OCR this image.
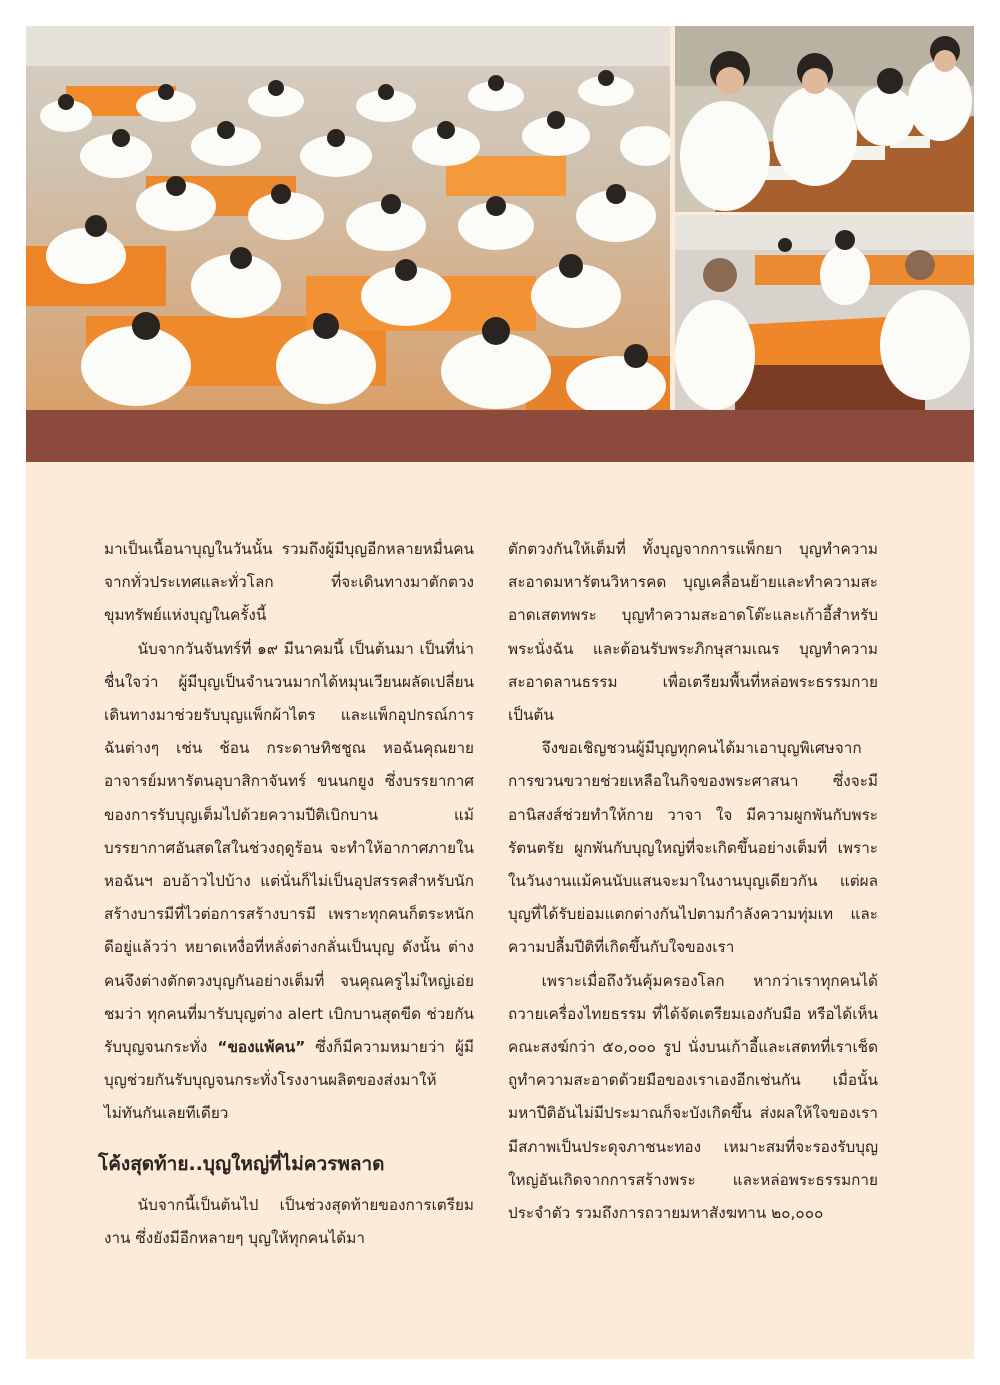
มาเป็นเนื้อนาบุญในวันนั้น รวมถึงผู้มีบุญอีกหลายหมื่นคนจากทั่วประเทศและทั่วโลก ที่จะเดินทางมาตักตวงขุมทรัพย์แห่งบุญในครั้งนี้

นับจากวันจันทร์ที่ ๑๙ มีนาคมนี้ เป็นต้นมา เป็นที่น่าชื่นใจว่า ผู้มีบุญเป็นจำนวนมากได้หมุนเวียนผลัดเปลี่ยนเดินทางมาช่วยรับบุญแพ็กผ้าไตร และแพ็กอุปกรณ์การฉันต่างๆ เช่น ช้อน กระดาษทิชชูณ หอฉันคุณยายอาจารย์มหารัตนอุบาสิกาจันทร์ ขนนกยูง ซึ่งบรรยากาศของการรับบุญเต็มไปด้วยความปีติเบิกบาน แม้บรรยากาศอันสดใสในช่วงฤดูร้อน จะทำให้อากาศภายในหอฉันฯ อบอ้าวไปบ้าง แต่นั่นก็ไม่เป็นอุปสรรคสำหรับนักสร้างบารมีที่ไวต่อการสร้างบารมี เพราะทุกคนก็ตระหนักดีอยู่แล้วว่า หยาดเหงื่อที่หลั่งต่างกลั่นเป็นบุญ ดังนั้น ต่างคนจึงต่างตักตวงบุญกันอย่างเต็มที่ จนคุณครูไม่ใหญ่เอ่ยชมว่า ทุกคนที่มารับบุญต่าง alert เบิกบานสุดขีด ช่วยกันรับบุญจนกระทั่ง “ของแพ้คน” ซึ่งก็มีความหมายว่า ผู้มีบุญช่วยกันรับบุญจนกระทั่งโรงงานผลิตของส่งมาให้ไม่ทันกันเลยทีเดียว

โค้งสุดท้าย..บุญใหญ่ที่ไม่ควรพลาด

นับจากนี้เป็นต้นไป เป็นช่วงสุดท้ายของการเตรียมงาน ซึ่งยังมีอีกหลายๆ บุญให้ทุกคนได้มา

ตักตวงกันให้เต็มที่ ทั้งบุญจากการแพ็กยา บุญทำความสะอาดมหารัตนวิหารคด บุญเคลื่อนย้ายและทำความสะอาดเสตทพระ บุญทำความสะอาดโต๊ะและเก้าอี้สำหรับพระนั่งฉัน และต้อนรับพระภิกษุสามเณร บุญทำความสะอาดลานธรรม เพื่อเตรียมพื้นที่หล่อพระธรรมกาย เป็นต้น

จึงขอเชิญชวนผู้มีบุญทุกคนได้มาเอาบุญพิเศษจากการขวนขวายช่วยเหลือในกิจของพระศาสนา ซึ่งจะมีอานิสงส์ช่วยทำให้กาย วาจา ใจ มีความผูกพันกับพระรัตนตรัย ผูกพันกับบุญใหญ่ที่จะเกิดขึ้นอย่างเต็มที่ เพราะในวันงานแม้คนนับแสนจะมาในงานบุญเดียวกัน แต่ผลบุญที่ได้รับย่อมแตกต่างกันไปตามกำลังความทุ่มเท และความปลื้มปีติที่เกิดขึ้นกับใจของเรา

เพราะเมื่อถึงวันคุ้มครองโลก หากว่าเราทุกคนได้ถวายเครื่องไทยธรรม ที่ได้จัดเตรียมเองกับมือ หรือได้เห็นคณะสงฆ์กว่า ๕๐,๐๐๐ รูป นั่งบนเก้าอี้และเสตทที่เราเช็ดถูทำความสะอาดด้วยมือของเราเองอีกเช่นกัน เมื่อนั้น มหาปีติอันไม่มีประมาณก็จะบังเกิดขึ้น ส่งผลให้ใจของเรามีสภาพเป็นประดุจภาชนะทอง เหมาะสมที่จะรองรับบุญใหญ่อันเกิดจากการสร้างพระ และหล่อพระธรรมกายประจำตัว รวมถึงการถวายมหาสังฆทาน ๒๐,๐๐๐
